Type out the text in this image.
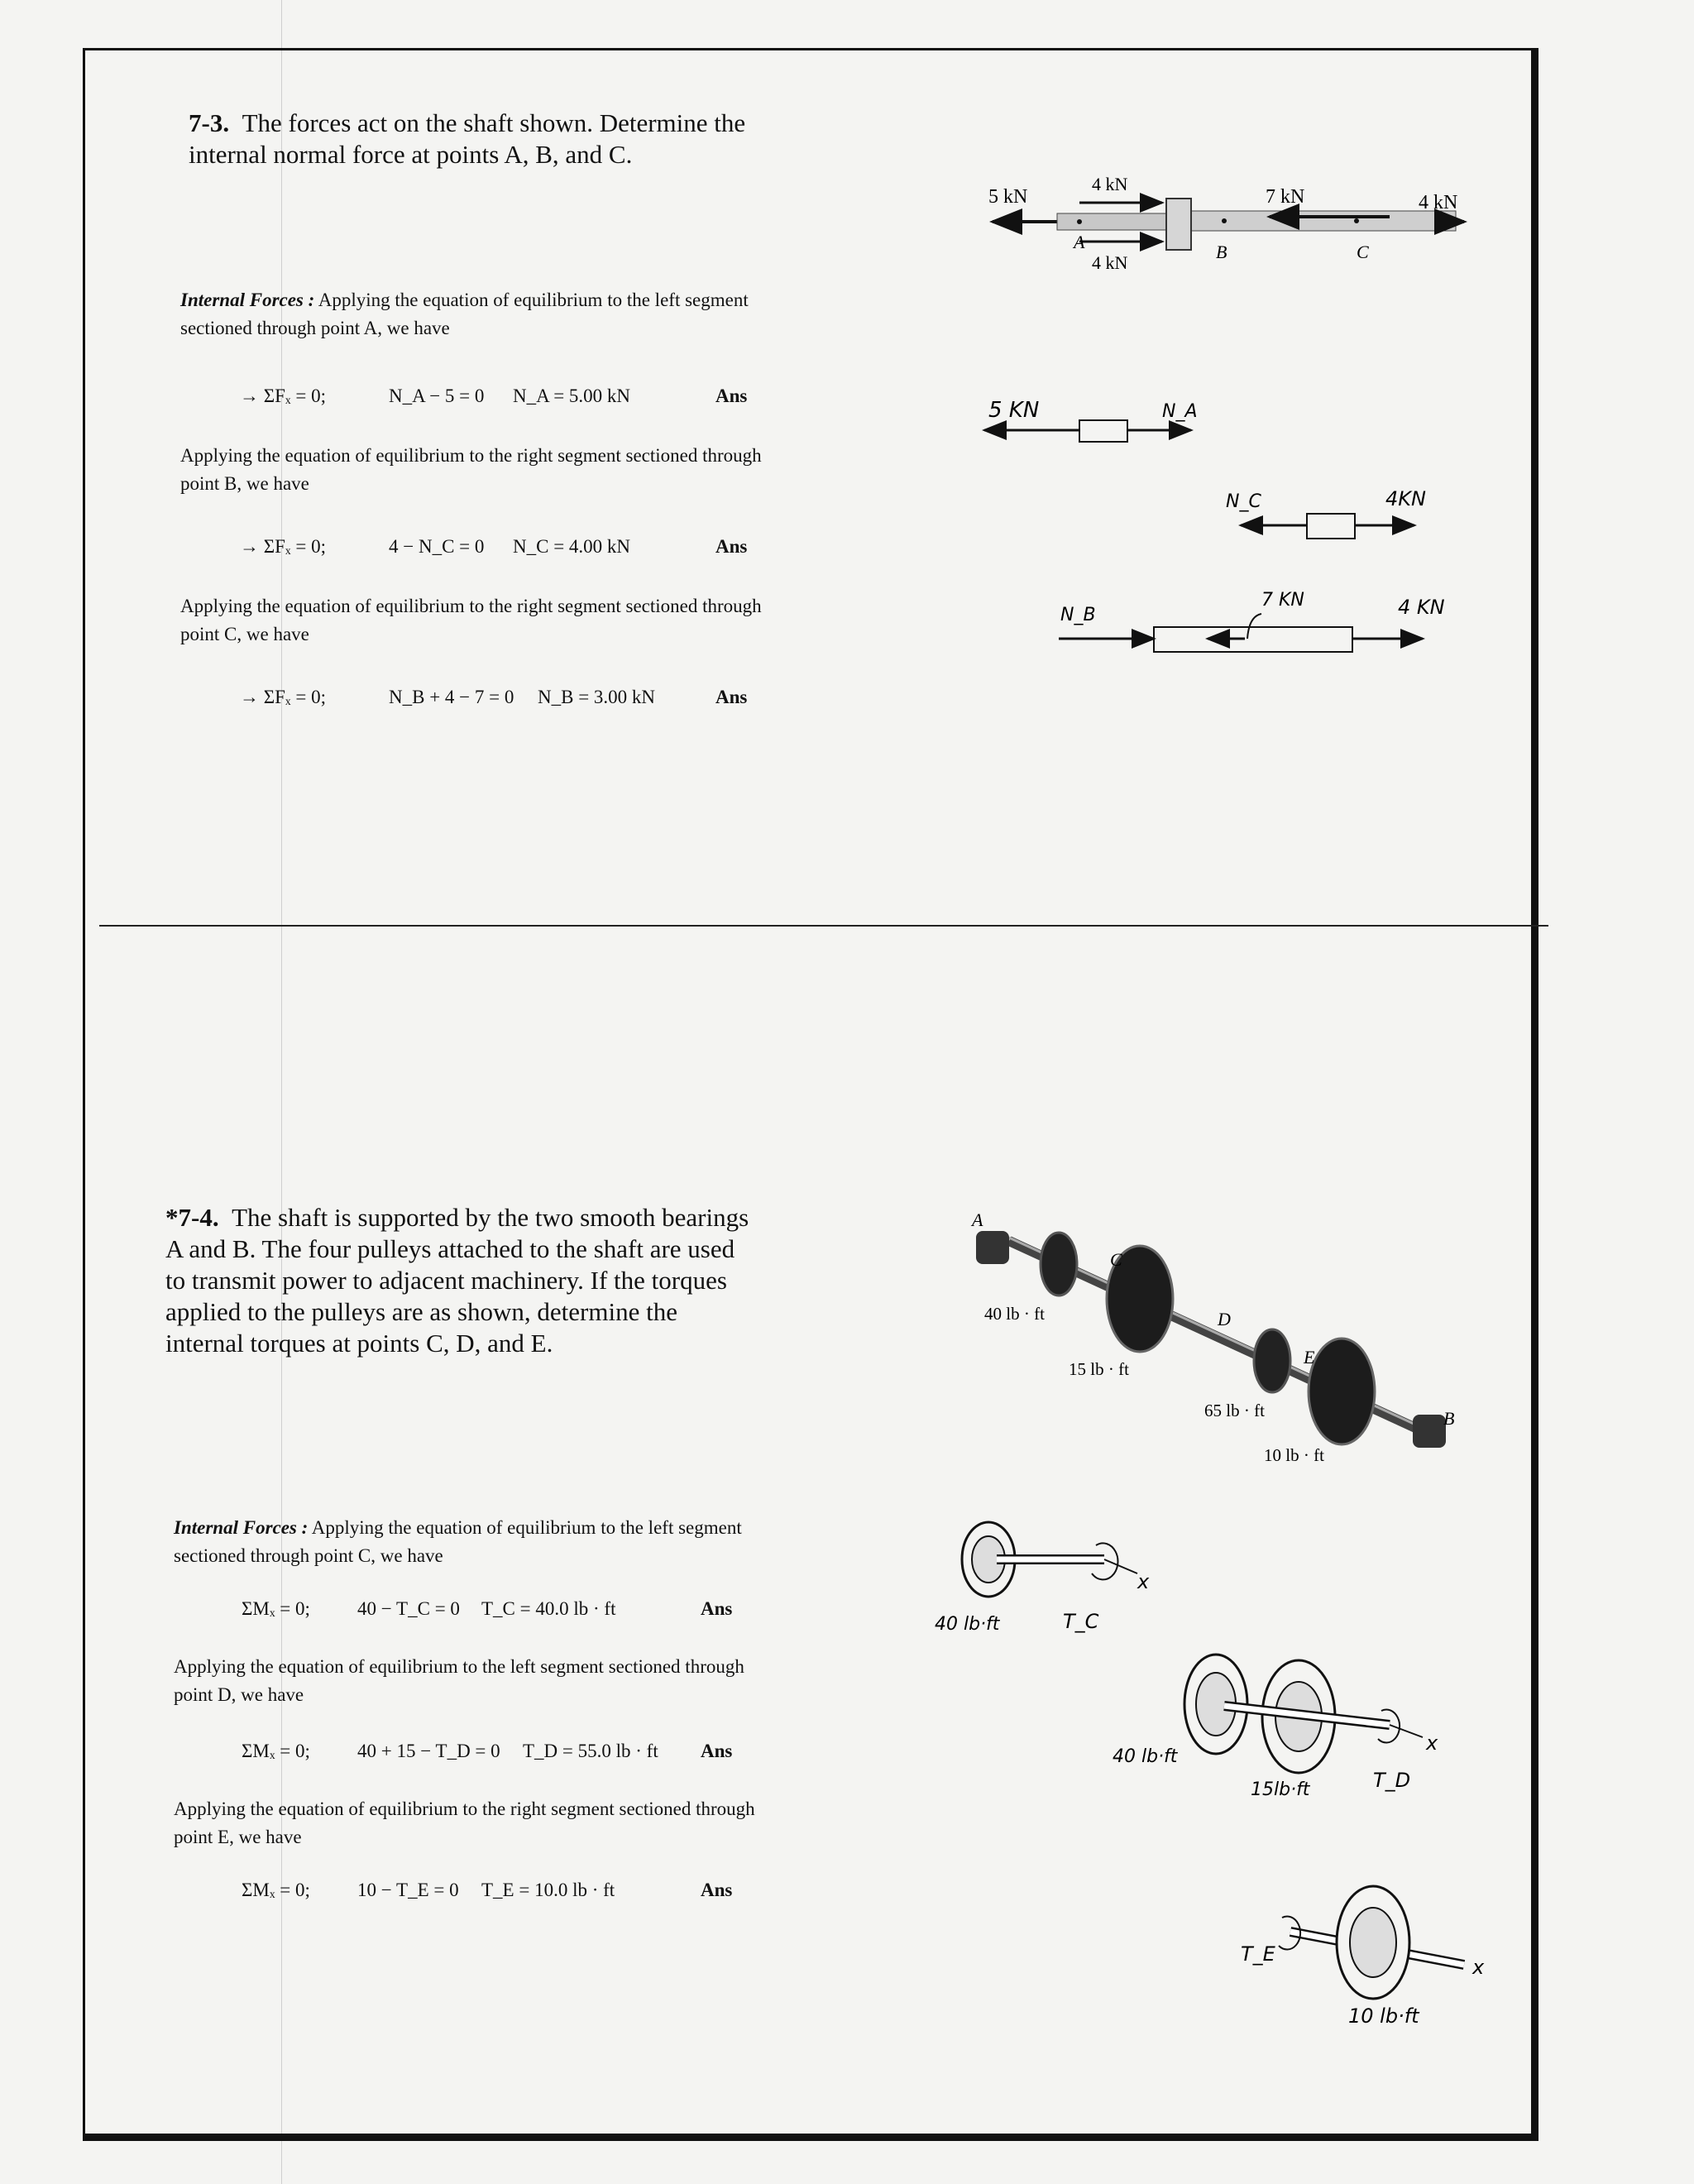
7-3. The forces act on the shaft shown. Determine the
internal normal force at points A, B, and C.
Internal Forces : Applying the equation of equilibrium to the left segment
sectioned through point A, we have
→ ΣFₓ = 0;	N_A − 5 = 0 N_A = 5.00 kN	Ans
Applying the equation of equilibrium to the right segment sectioned through
point B, we have
→ ΣFₓ = 0;	4 − N_C = 0 N_C = 4.00 kN	Ans
Applying the equation of equilibrium to the right segment sectioned through
point C, we have
→ ΣFₓ = 0;	N_B + 4 − 7 = 0 N_B = 3.00 kN	Ans
5 kN
4 kN
4 kN
7 kN	4 kN
A	B	C
5 KN	N_A
N_C	4KN
N_B
7 KN	4 KN
*7-4. The shaft is supported by the two smooth bearings
A and B. The four pulleys attached to the shaft are used
to transmit power to adjacent machinery. If the torques
applied to the pulleys are as shown, determine the
internal torques at points C, D, and E.
Internal Forces : Applying the equation of equilibrium to the left segment
sectioned through point C, we have
ΣMₓ = 0; 40 − T_C = 0 T_C = 40.0 lb · ft	Ans
Applying the equation of equilibrium to the left segment sectioned through
point D, we have
ΣMₓ = 0; 40 + 15 − T_D = 0 T_D = 55.0 lb · ft Ans
Applying the equation of equilibrium to the right segment sectioned through
point E, we have
ΣMₓ = 0; 10 − T_E = 0 T_E = 10.0 lb · ft	Ans
A
C
D
E
B
40 lb · ft
15 lb · ft
65 lb · ft
10 lb · ft
x
40 lb·ft	T_C
x
40 lb·ft
15lb·ft	T_D
x
T_E
10 lb·ft
